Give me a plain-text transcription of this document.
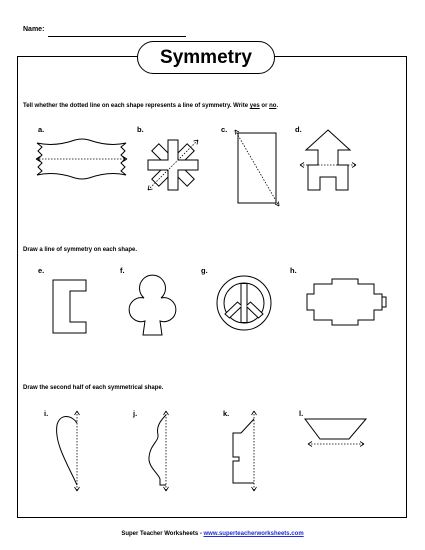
Name:
Symmetry
Tell whether the dotted line on each shape represents a line of symmetry. Write yes or no.
a.	b.	c.	d.
Draw a line of symmetry on each shape.
e.	f.	g.	h.
Draw the second half of each symmetrical shape.
i.	j.	k.	l.
Super Teacher Worksheets - www.superteacherworksheets.com
